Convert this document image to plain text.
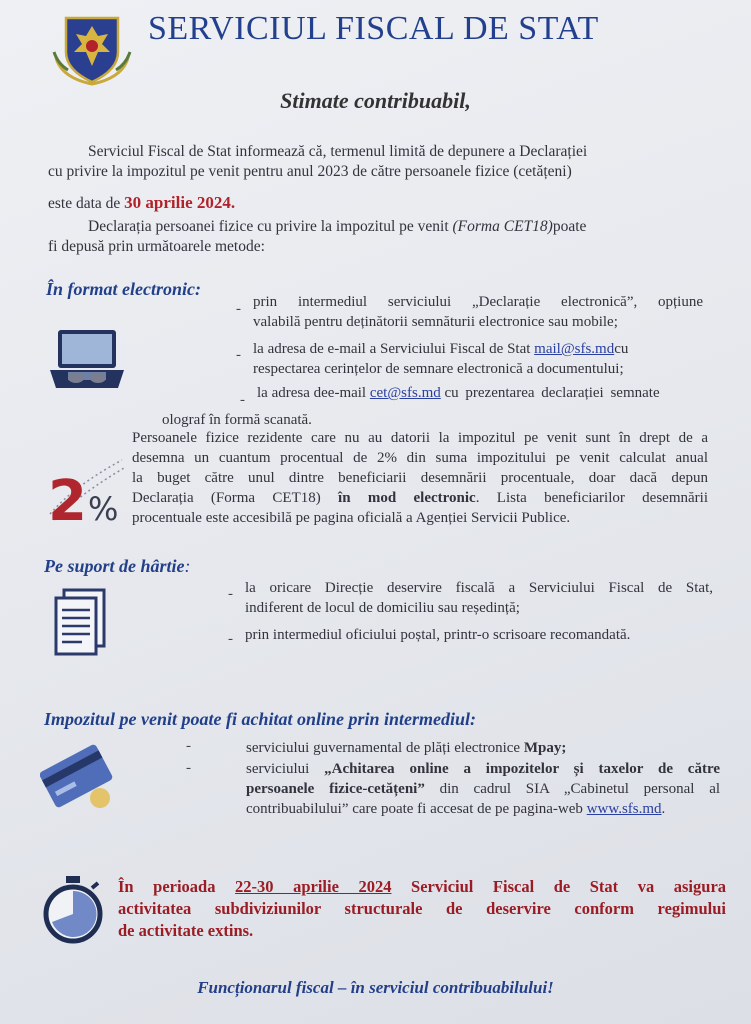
SERVICIUL FISCAL DE STAT
Stimate contribuabil,
Serviciul Fiscal de Stat informează că, termenul limită de depunere a Declarației
cu privire la impozitul pe venit pentru anul 2023 de către persoanele fizice (cetățeni)
este data de 30 aprilie 2024.
Declarația persoanei fizice cu privire la impozitul pe venit (Forma CET18)poate
fi depusă prin următoarele metode:
În format electronic:
- prin intermediul serviciului „Declarație electronică”, opțiune
valabilă pentru deținătorii semnăturii electronice sau mobile;
- la adresa de e-mail a Serviciului Fiscal de Stat mail@sfs.mdcu
respectarea cerințelor de semnare electronică a documentului;
- la adresa dee-mail cet@sfs.md cu prezentarea declarației semnate
olograf în formă scanată.
2 %
Persoanele fizice rezidente care nu au datorii la impozitul pe venit sunt în drept de a
desemna un cuantum procentual de 2% din suma impozitului pe venit calculat anual
la buget către unul dintre beneficiarii desemnării procentuale, doar dacă depun
Declarația (Forma CET18) în mod electronic. Lista beneficiarilor desemnării
procentuale este accesibilă pe pagina oficială a Agenției Servicii Publice.
Pe suport de hârtie:
- la oricare Direcție deservire fiscală a Serviciului Fiscal de Stat,
indiferent de locul de domiciliu sau reședință;
- prin intermediul oficiului poștal, printr-o scrisoare recomandată.
Impozitul pe venit poate fi achitat online prin intermediul:
-	serviciului guvernamental de plăți electronice Mpay;
-	serviciului „Achitarea online a impozitelor și taxelor de către
persoanele fizice-cetățeni” din cadrul SIA „Cabinetul personal al
contribuabilului” care poate fi accesat de pe pagina-web www.sfs.md.
În perioada 22-30 aprilie 2024 Serviciul Fiscal de Stat va asigura
activitatea subdiviziunilor structurale de deservire conform regimului
de activitate extins.
Funcționarul fiscal – în serviciul contribuabilului!
